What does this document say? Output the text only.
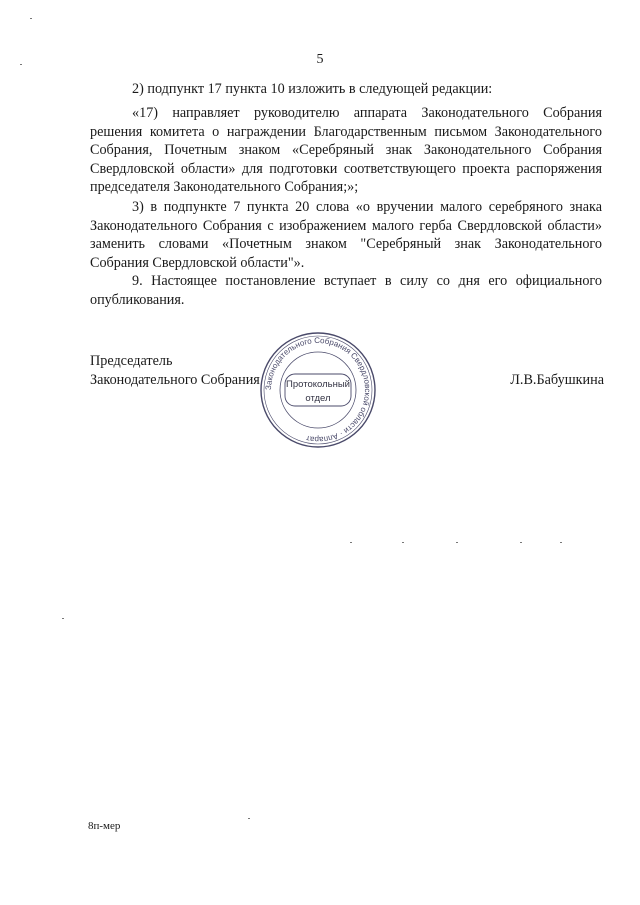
5

2) подпункт 17 пункта 10 изложить в следующей редакции:

«17) направляет руководителю аппарата Законодательного Собрания решения комитета о награждении Благодарственным письмом Законодательного Собрания, Почетным знаком «Серебряный знак Законодательного Собрания Свердловской области» для подготовки соответствующего проекта распоряжения председателя Законодательного Собрания;»;

3) в подпункте 7 пункта 20 слова «о вручении малого серебряного знака Законодательного Собрания с изображением малого герба Свердловской области» заменить словами «Почетным знаком "Серебряный знак Законодательного Собрания Свердловской области"».

9. Настоящее постановление вступает в силу со дня его официального опубликования.

Председатель
Законодательного Собрания	Л.В.Бабушкина
Законодательного Собрания Свердловской области · Аппарат
Протокольный
отдел
8п-мер
